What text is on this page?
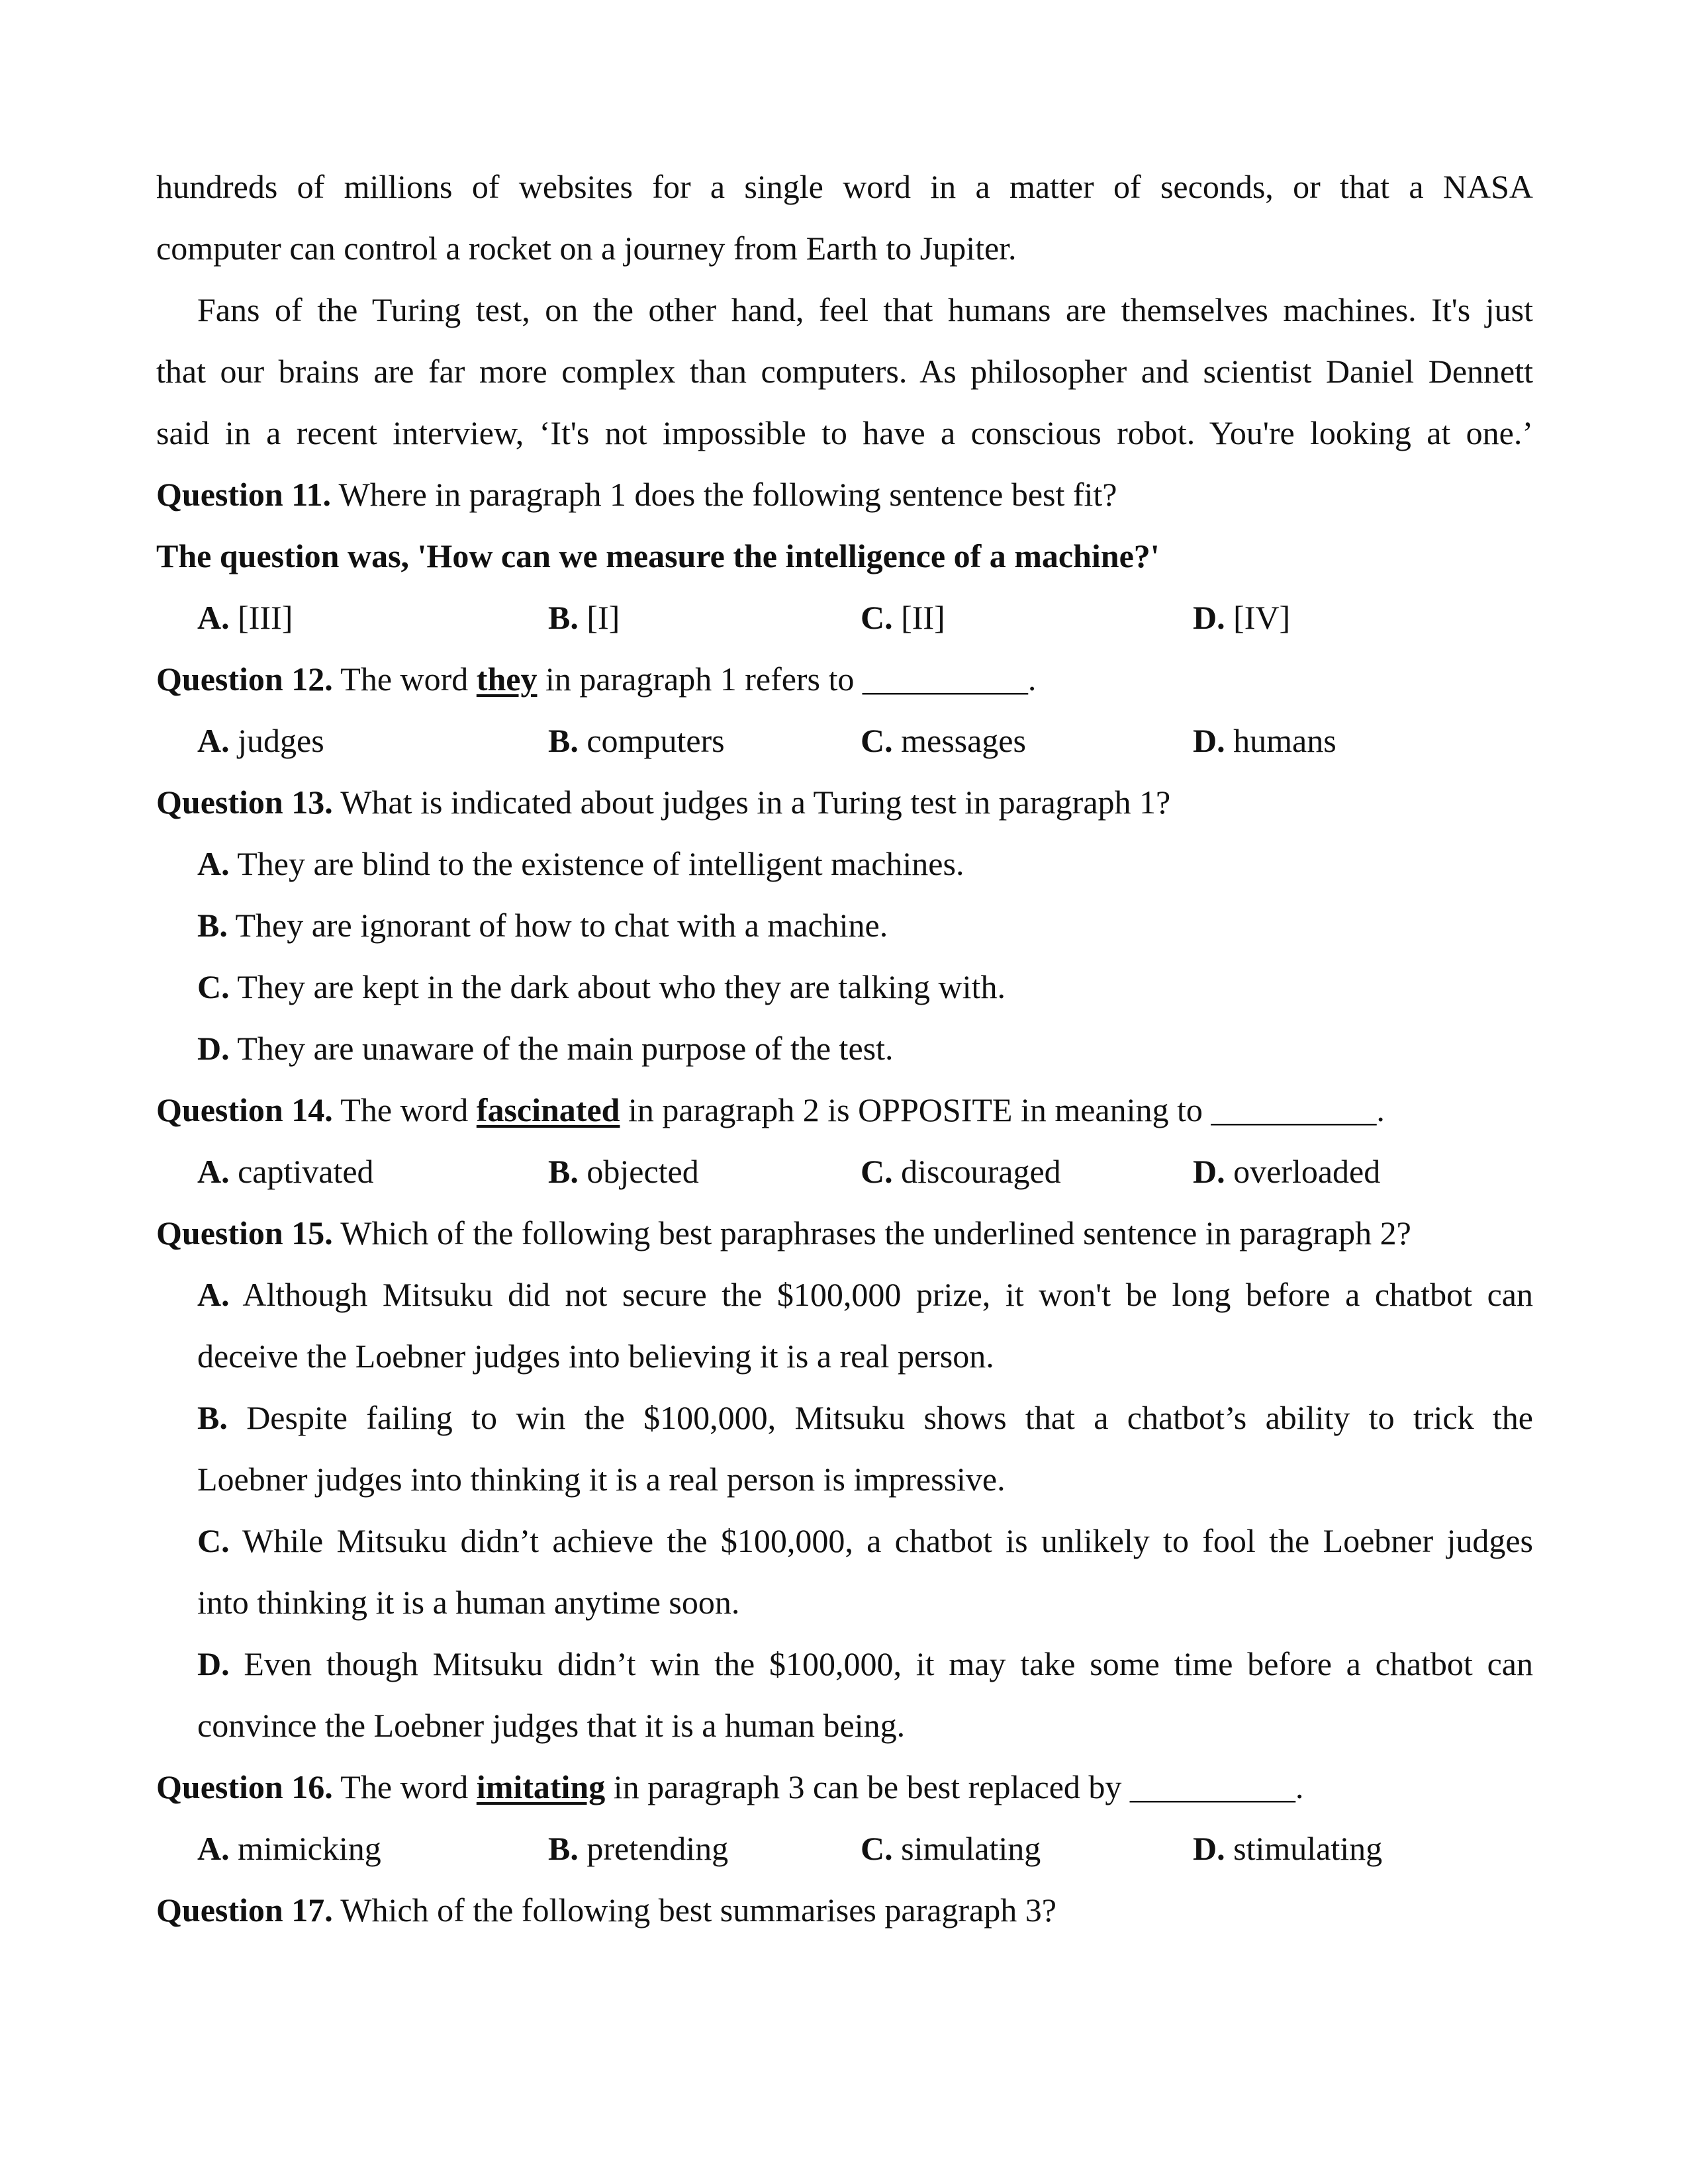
hundreds of millions of websites for a single word in a matter of seconds, or that a NASA
computer can control a rocket on a journey from Earth to Jupiter.
Fans of the Turing test, on the other hand, feel that humans are themselves machines. It's just
that our brains are far more complex than computers. As philosopher and scientist Daniel Dennett
said in a recent interview, ‘It's not impossible to have a conscious robot. You're looking at one.’
Question 11. Where in paragraph 1 does the following sentence best fit?
The question was, 'How can we measure the intelligence of a machine?'
A. [III]	B. [I]	C. [II]	D. [IV]
Question 12. The word they in paragraph 1 refers to __________.
A. judges	B. computers	C. messages	D. humans
Question 13. What is indicated about judges in a Turing test in paragraph 1?
A. They are blind to the existence of intelligent machines.
B. They are ignorant of how to chat with a machine.
C. They are kept in the dark about who they are talking with.
D. They are unaware of the main purpose of the test.
Question 14. The word fascinated in paragraph 2 is OPPOSITE in meaning to __________.
A. captivated	B. objected	C. discouraged	D. overloaded
Question 15. Which of the following best paraphrases the underlined sentence in paragraph 2?
A. Although Mitsuku did not secure the $100,000 prize, it won't be long before a chatbot can
deceive the Loebner judges into believing it is a real person.
B. Despite failing to win the $100,000, Mitsuku shows that a chatbot’s ability to trick the
Loebner judges into thinking it is a real person is impressive.
C. While Mitsuku didn’t achieve the $100,000, a chatbot is unlikely to fool the Loebner judges
into thinking it is a human anytime soon.
D. Even though Mitsuku didn’t win the $100,000, it may take some time before a chatbot can
convince the Loebner judges that it is a human being.
Question 16. The word imitating in paragraph 3 can be best replaced by __________.
A. mimicking	B. pretending	C. simulating	D. stimulating
Question 17. Which of the following best summarises paragraph 3?
